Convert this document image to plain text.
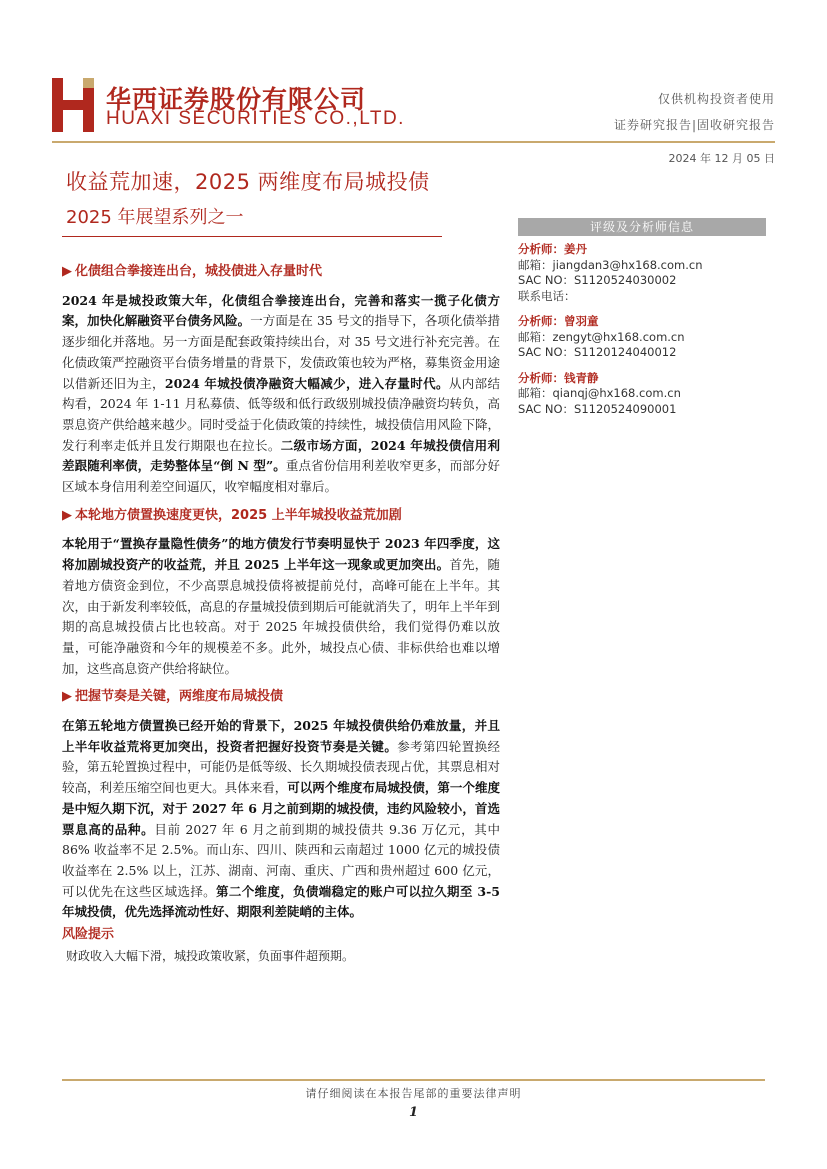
华西证券股份有限公司
HUAXI SECURITIES CO.,LTD.
仅供机构投资者使用
证券研究报告|固收研究报告
2024 年 12 月 05 日
收益荒加速，2025 两维度布局城投债
2025 年展望系列之一
▶ 化债组合拳接连出台，城投债进入存量时代
2024 年是城投政策大年，化债组合拳接连出台，完善和落实一揽子化债方案，加快化解融资平台债务风险。一方面是在 35 号文的指导下，各项化债举措逐步细化并落地。另一方面是配套政策持续出台，对 35 号文进行补充完善。在化债政策严控融资平台债务增量的背景下，发债政策也较为严格，募集资金用途以借新还旧为主，2024 年城投债净融资大幅减少，进入存量时代。从内部结构看，2024 年 1-11 月私募债、低等级和低行政级别城投债净融资均转负，高票息资产供给越来越少。同时受益于化债政策的持续性，城投债信用风险下降，发行利率走低并且发行期限也在拉长。二级市场方面，2024 年城投债信用利差跟随利率债，走势整体呈“倒 N 型”。重点省份信用利差收窄更多，而部分好区域本身信用利差空间逼仄，收窄幅度相对靠后。
▶ 本轮地方债置换速度更快，2025 上半年城投收益荒加剧
本轮用于“置换存量隐性债务”的地方债发行节奏明显快于 2023 年四季度，这将加剧城投资产的收益荒，并且 2025 上半年这一现象或更加突出。首先，随着地方债资金到位，不少高票息城投债将被提前兑付，高峰可能在上半年。其次，由于新发利率较低，高息的存量城投债到期后可能就消失了，明年上半年到期的高息城投债占比也较高。对于 2025 年城投债供给，我们觉得仍难以放量，可能净融资和今年的规模差不多。此外，城投点心债、非标供给也难以增加，这些高息资产供给将缺位。
▶ 把握节奏是关键，两维度布局城投债
在第五轮地方债置换已经开始的背景下，2025 年城投债供给仍难放量，并且上半年收益荒将更加突出，投资者把握好投资节奏是关键。参考第四轮置换经验，第五轮置换过程中，可能仍是低等级、长久期城投债表现占优，其票息相对较高，利差压缩空间也更大。具体来看，可以两个维度布局城投债，第一个维度是中短久期下沉，对于 2027 年 6 月之前到期的城投债，违约风险较小，首选票息高的品种。目前 2027 年 6 月之前到期的城投债共 9.36 万亿元，其中 86% 收益率不足 2.5%。而山东、四川、陕西和云南超过 1000 亿元的城投债收益率在 2.5% 以上，江苏、湖南、河南、重庆、广西和贵州超过 600 亿元，可以优先在这些区域选择。第二个维度，负债端稳定的账户可以拉久期至 3-5 年城投债，优先选择流动性好、期限利差陡峭的主体。
风险提示
财政收入大幅下滑，城投政策收紧，负面事件超预期。
评级及分析师信息
分析师：姜丹
邮箱：jiangdan3@hx168.com.cn
SAC NO：S1120524030002
联系电话：
分析师：曾羽童
邮箱：zengyt@hx168.com.cn
SAC NO：S1120124040012
分析师：钱青静
邮箱：qianqj@hx168.com.cn
SAC NO：S1120524090001
请仔细阅读在本报告尾部的重要法律声明
1
